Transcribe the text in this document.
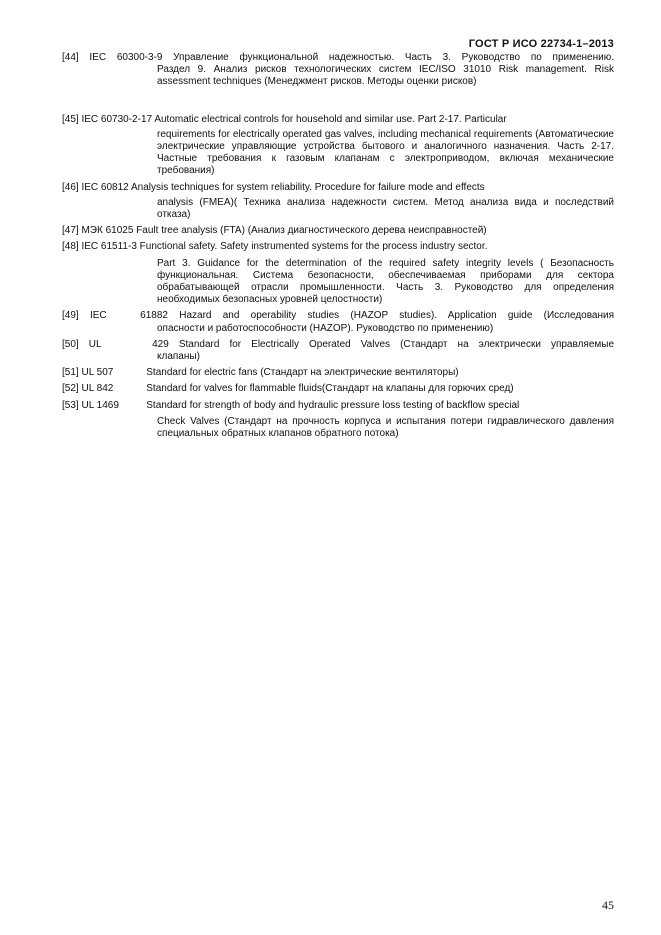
ГОСТ Р ИСО 22734-1–2013
[44] IEC 60300-3-9 Управление функциональной надежностью. Часть 3. Руководство по применению.
Раздел 9. Анализ рисков технологических систем IEC/ISO 31010 Risk management. Risk assessment techniques (Менеджмент рисков. Методы оценки рисков)
[45] IEC 60730-2-17 Automatic electrical controls for household and similar use. Part 2-17. Particular
requirements for electrically operated gas valves, including mechanical requirements (Автоматические электрические управляющие устройства бытового и аналогичного назначения. Часть 2-17. Частные требования к газовым клапанам с электроприводом, включая механические требования)
[46] IEC 60812 Analysis techniques for system reliability. Procedure for failure mode and effects
analysis (FMEA)( Техника анализа надежности систем. Метод анализа вида и последствий отказа)
[47] МЭК 61025 Fault tree analysis (FTA) (Анализ диагностического дерева неисправностей)
[48] IEC 61511-3 Functional safety. Safety instrumented systems for the process industry sector.
Part 3. Guidance for the determination of the required safety integrity levels ( Безопасность функциональная. Система безопасности, обеспечиваемая приборами для сектора обрабатывающей отрасли промышленности. Часть 3. Руководство для определения необходимых безопасных уровней целостности)
[49] IEC 61882 Hazard and operability studies (HAZOP studies). Application guide (Исследования
опасности и работоспособности (HAZOP). Руководство по применению)
[50] UL 429 Standard for Electrically Operated Valves (Стандарт на электрически управляемые
клапаны)
[51] UL 507	Standard for electric fans (Стандарт на электрические вентиляторы)
[52] UL 842	Standard for valves for flammable fluids(Стандарт на клапаны для горючих сред)
[53] UL 1469	Standard for strength of body and hydraulic pressure loss testing of backflow special
Check Valves (Стандарт на прочность корпуса и испытания потери гидравлического давления специальных обратных клапанов обратного потока)
45
